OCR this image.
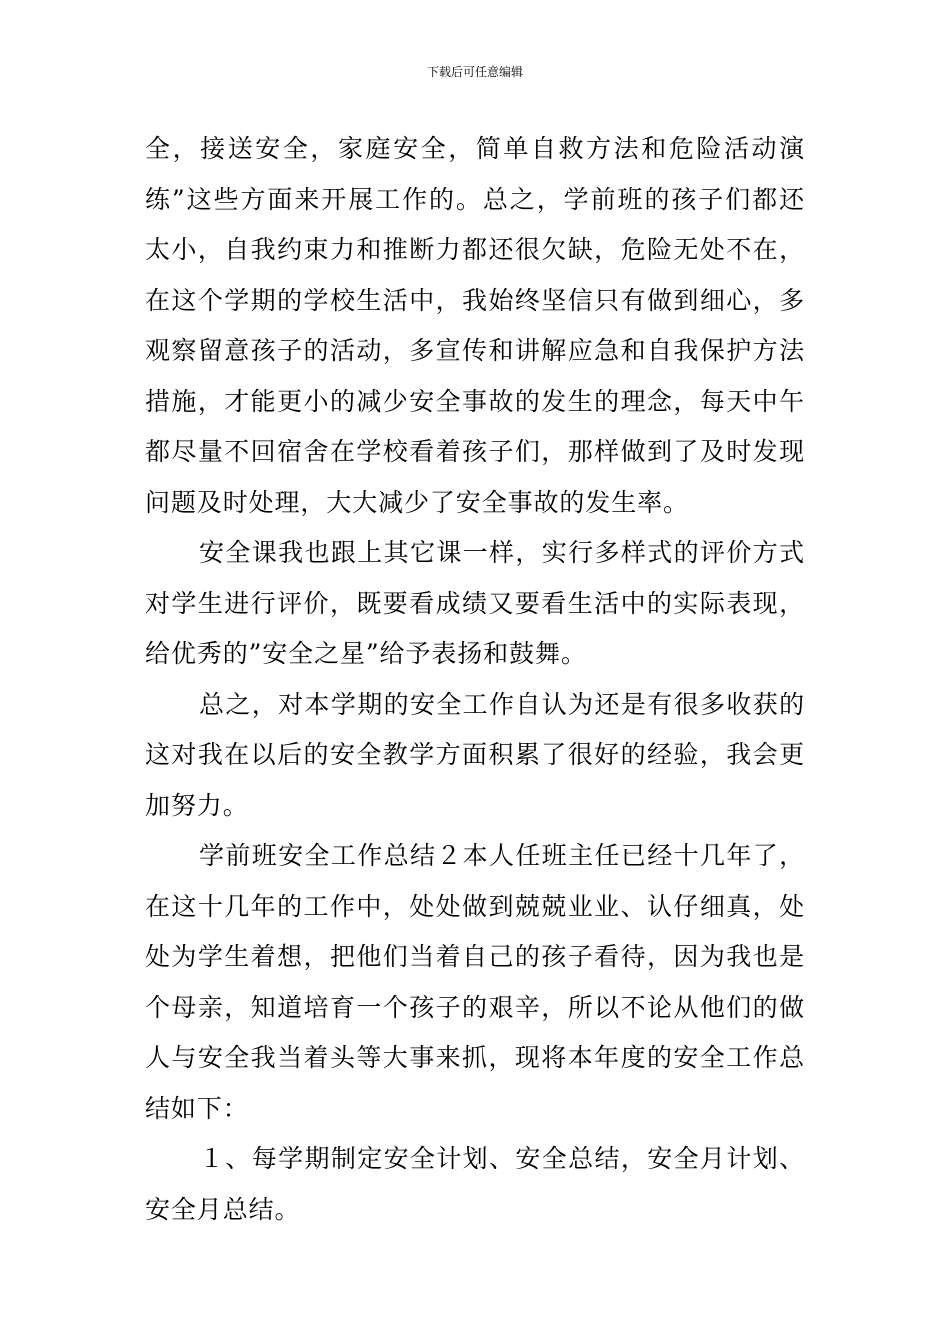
下载后可任意编辑

全，接送安全，家庭安全，简单自救方法和危险活动演练”这些方面来开展工作的。总之，学前班的孩子们都还太小，自我约束力和推断力都还很欠缺，危险无处不在，在这个学期的学校生活中，我始终坚信只有做到细心，多观察留意孩子的活动，多宣传和讲解应急和自我保护方法措施，才能更小的减少安全事故的发生的理念，每天中午都尽量不回宿舍在学校看着孩子们，那样做到了及时发现问题及时处理，大大减少了安全事故的发生率。

安全课我也跟上其它课一样，实行多样式的评价方式对学生进行评价，既要看成绩又要看生活中的实际表现，给优秀的”安全之星”给予表扬和鼓舞。

总之，对本学期的安全工作自认为还是有很多收获的这对我在以后的安全教学方面积累了很好的经验，我会更加努力。

学前班安全工作总结２本人任班主任已经十几年了，在这十几年的工作中，处处做到兢兢业业、认仔细真，处处为学生着想，把他们当着自己的孩子看待，因为我也是个母亲，知道培育一个孩子的艰辛，所以不论从他们的做人与安全我当着头等大事来抓，现将本年度的安全工作总结如下：

１、每学期制定安全计划、安全总结，安全月计划、安全月总结。
